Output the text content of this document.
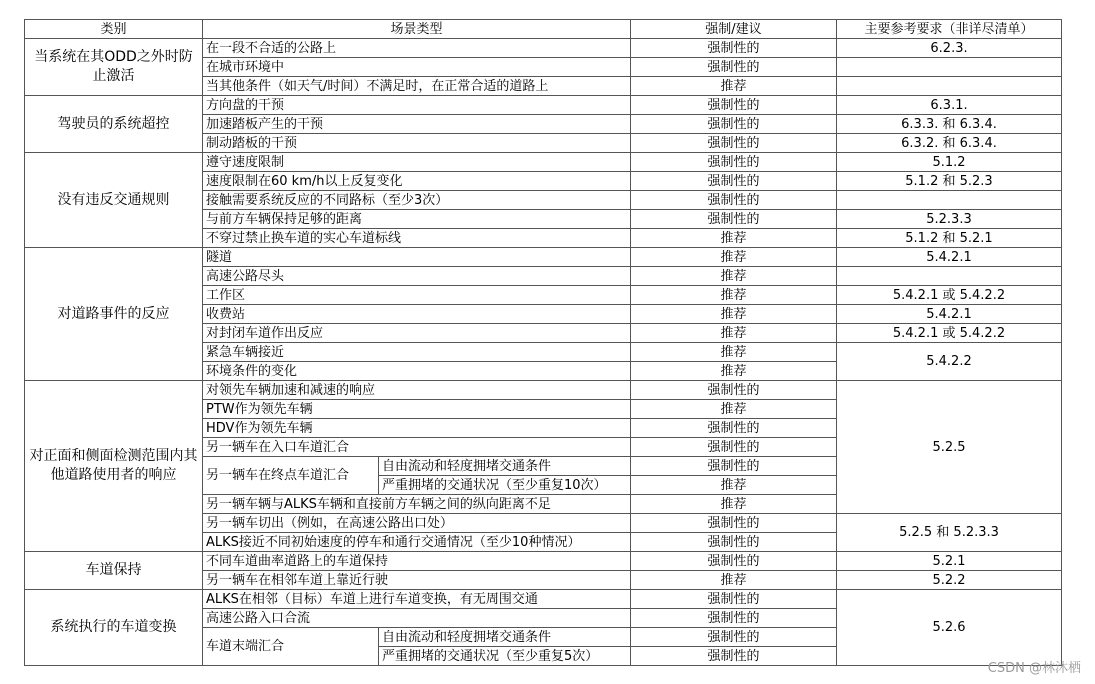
类别	场景类型		强制/建议	主要参考要求（非详尽清单）
当系统在其ODD之外时防止激活	在一段不合适的公路上		强制性的	6.2.3.
	在城市环境中		强制性的	
	当其他条件（如天气/时间）不满足时，在正常合适的道路上		推荐	
驾驶员的系统超控	方向盘的干预		强制性的	6.3.1.
	加速踏板产生的干预		强制性的	6.3.3. 和 6.3.4.
	制动踏板的干预		强制性的	6.3.2. 和 6.3.4.
没有违反交通规则	遵守速度限制		强制性的	5.1.2
	速度限制在60 km/h以上反复变化		强制性的	5.1.2 和 5.2.3
	接触需要系统反应的不同路标（至少3次）		强制性的	
	与前方车辆保持足够的距离		强制性的	5.2.3.3
	不穿过禁止换车道的实心车道标线		推荐	5.1.2 和 5.2.1
对道路事件的反应	隧道		推荐	5.4.2.1
	高速公路尽头		推荐	
	工作区		推荐	5.4.2.1 或 5.4.2.2
	收费站		推荐	5.4.2.1
	对封闭车道作出反应		推荐	5.4.2.1 或 5.4.2.2
	紧急车辆接近		推荐	5.4.2.2
	环境条件的变化		推荐	
对正面和侧面检测范围内其他道路使用者的响应	对领先车辆加速和减速的响应		强制性的	5.2.5
	PTW作为领先车辆		推荐	
	HDV作为领先车辆		强制性的	
	另一辆车在入口车道汇合		强制性的	
	另一辆车在终点车道汇合	自由流动和轻度拥堵交通条件	强制性的	
		严重拥堵的交通状况（至少重复10次）	推荐	
	另一辆车辆与ALKS车辆和直接前方车辆之间的纵向距离不足		推荐	
	另一辆车切出（例如，在高速公路出口处）		强制性的	5.2.5 和 5.2.3.3
	ALKS接近不同初始速度的停车和通行交通情况（至少10种情况）		强制性的	
车道保持	不同车道曲率道路上的车道保持		强制性的	5.2.1
	另一辆车在相邻车道上靠近行驶		推荐	5.2.2
系统执行的车道变换	ALKS在相邻（目标）车道上进行车道变换，有无周围交通		强制性的	5.2.6
	高速公路入口合流		强制性的	
	车道末端汇合	自由流动和轻度拥堵交通条件	强制性的	
		严重拥堵的交通状况（至少重复5次）	强制性的	
CSDN @林沐栖
